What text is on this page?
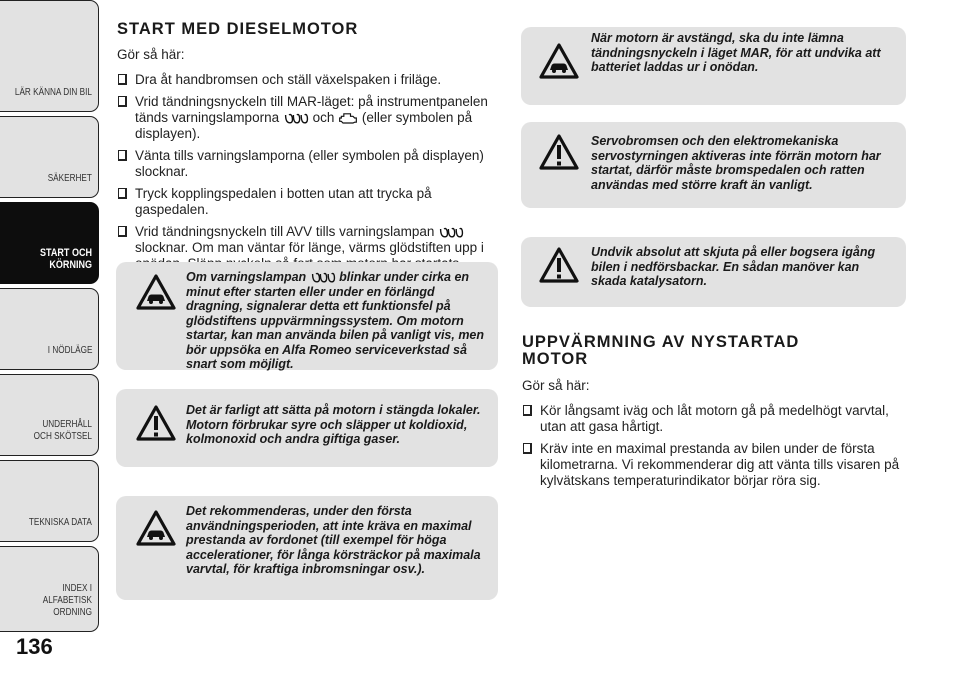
LÄR KÄNNA DIN BIL
SÄKERHET
START OCH KÖRNING
I NÖDLÄGE
UNDERHÅLL OCH SKÖTSEL
TEKNISKA DATA
INDEX I ALFABETISK ORDNING
136
START MED DIESELMOTOR
Gör så här:
Dra åt handbromsen och ställ växelspaken i friläge.
Vrid tändningsnyckeln till MAR-läget: på instrumentpanelen tänds varningslamporna  och  (eller symbolen på displayen).
Vänta tills varningslamporna (eller symbolen på displayen) slocknar.
Tryck kopplingspedalen i botten utan att trycka på gaspedalen.
Vrid tändningsnyckeln till AVV tills varningslampan  slocknar. Om man väntar för länge, värms glödstiften upp i
Om varningslampan  blinkar under cirka en minut efter starten eller under en förlängd dragning, signalerar detta ett funktionsfel på glödstiftens uppvärmningssystem. Om motorn startar, kan man använda bilen på vanligt vis, men bör uppsöka en Alfa Romeo serviceverkstad så snart som möjligt.
Det är farligt att sätta på motorn i stängda lokaler. Motorn förbrukar syre och släpper ut koldioxid, kolmonoxid och andra giftiga gaser.
Det rekommenderas, under den första användningsperioden, att inte kräva en maximal prestanda av fordonet (till exempel för höga accelerationer, för långa körsträckor på maximala varvtal, för kraftiga inbromsningar osv.).
När motorn är avstängd, ska du inte lämna tändningsnyckeln i läget MAR, för att undvika att batteriet laddas ur i onödan.
Servobromsen och den elektromekaniska servostyrningen aktiveras inte förrän motorn har startat, därför måste bromspedalen och ratten användas med större kraft än vanligt.
Undvik absolut att skjuta på eller bogsera igång bilen i nedförsbackar. En sådan manöver kan skada katalysatorn.
UPPVÄRMNING AV NYSTARTAD MOTOR
Gör så här:
Kör långsamt iväg och låt motorn gå på medelhögt varvtal, utan att gasa hårtigt.
Kräv inte en maximal prestanda av bilen under de första kilometrarna. Vi rekommenderar dig att vänta tills visaren på kylvätskans temperaturindikator börjar röra sig.
